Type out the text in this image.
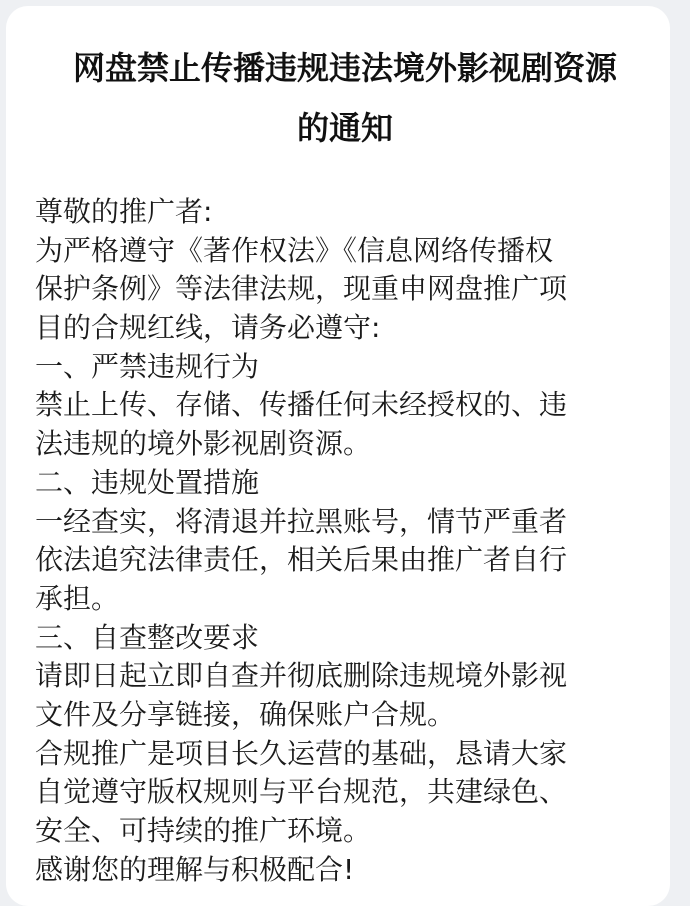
网盘禁止传播违规违法境外影视剧资源
的通知
尊敬的推广者:
为严格遵守《著作权法》《信息网络传播权
保护条例》等法律法规，现重申网盘推广项
目的合规红线，请务必遵守:
一、严禁违规行为
禁止上传、存储、传播任何未经授权的、违
法违规的境外影视剧资源。
二、违规处置措施
一经查实，将清退并拉黑账号，情节严重者
依法追究法律责任，相关后果由推广者自行
承担。
三、自查整改要求
请即日起立即自查并彻底删除违规境外影视
文件及分享链接，确保账户合规。
合规推广是项目长久运营的基础，恳请大家
自觉遵守版权规则与平台规范，共建绿色、
安全、可持续的推广环境。
感谢您的理解与积极配合!
